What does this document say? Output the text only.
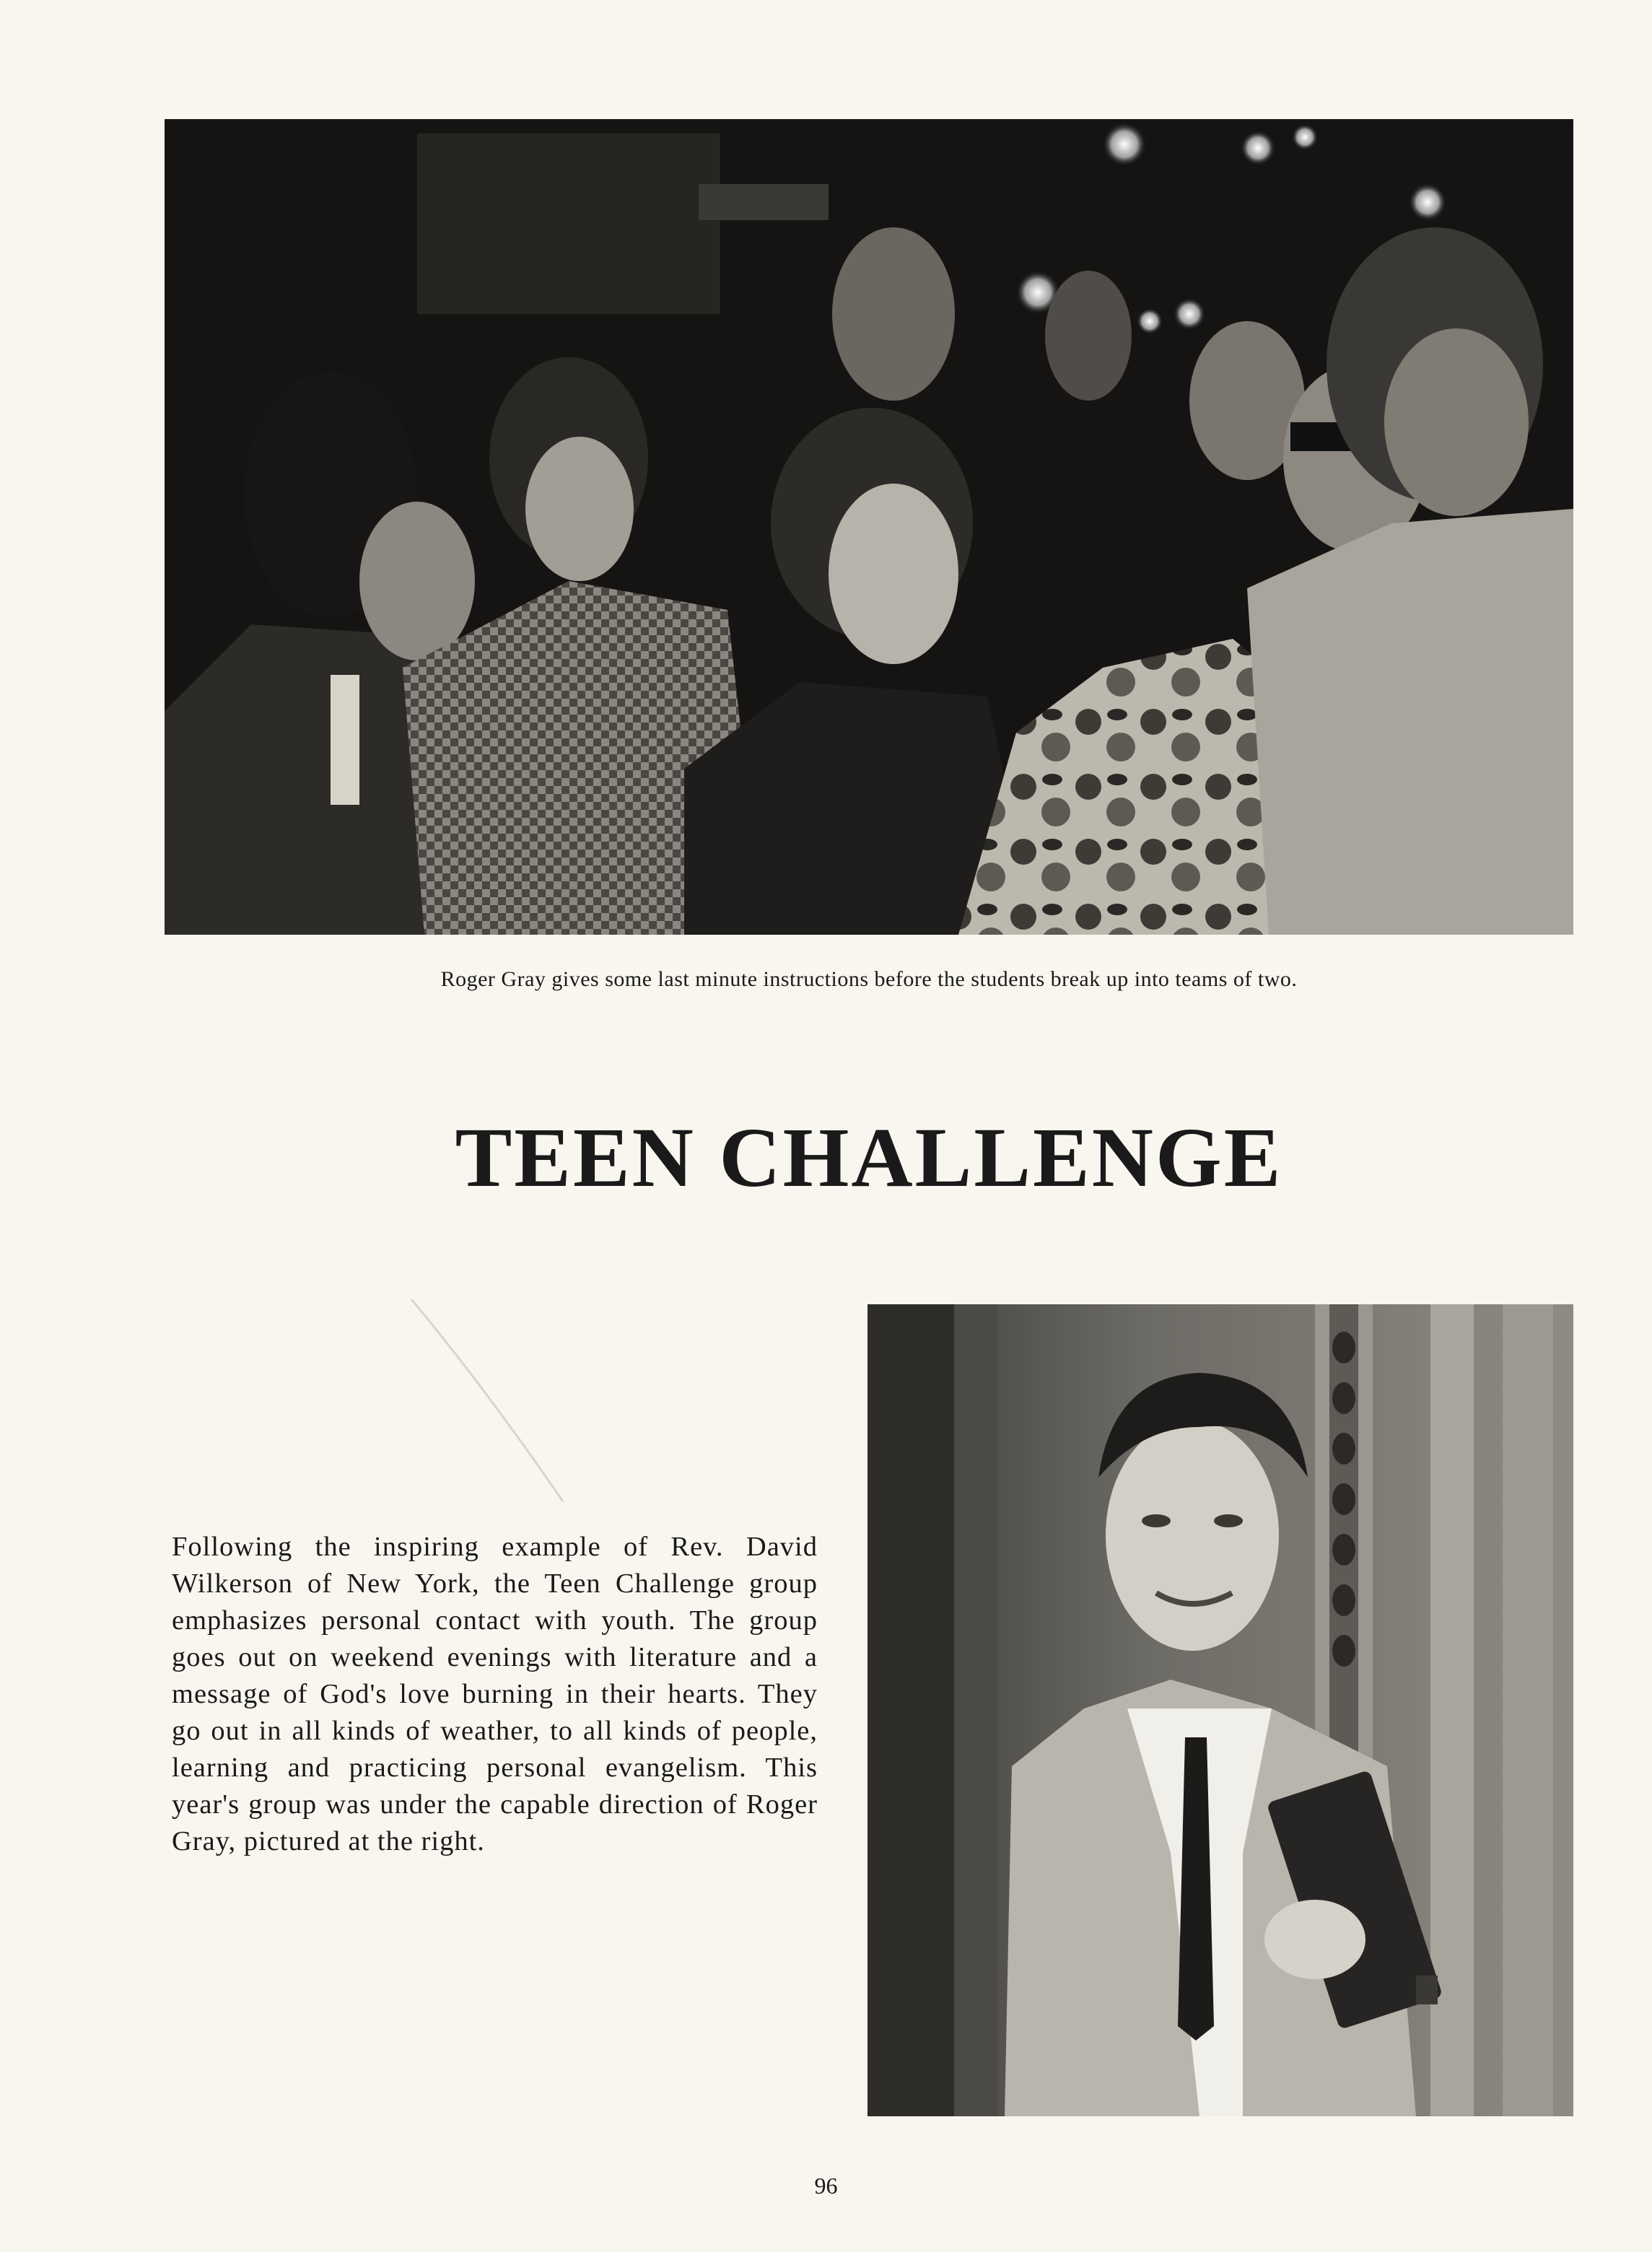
Roger Gray gives some last minute instructions before the students break up into teams of two.
TEEN CHALLENGE

Following the inspiring example of Rev. David Wilkerson of New York, the Teen Challenge group emphasizes personal contact with youth. The group goes out on weekend evenings with literature and a message of God's love burning in their hearts. They go out in all kinds of weather, to all kinds of people, learning and practicing personal evangelism. This year's group was under the capable direction of Roger Gray, pictured at the right.

96
